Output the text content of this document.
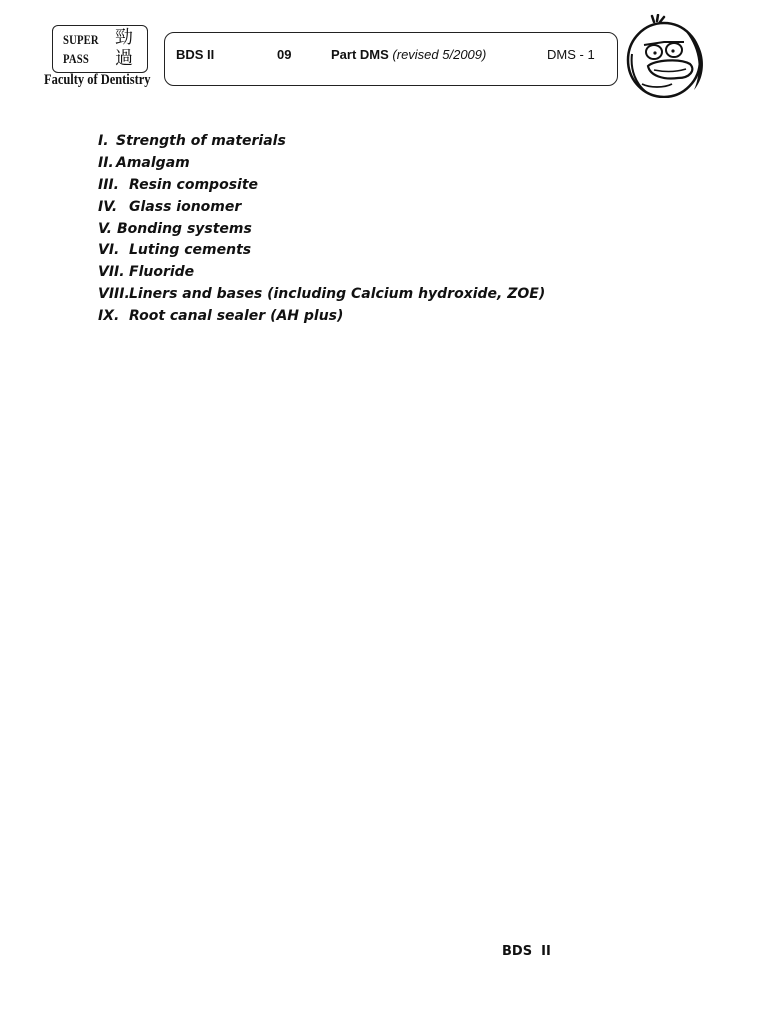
SUPER
PASS
勁
過
Faculty of Dentistry
BDS II	09	Part DMS (revised 5/2009)	DMS - 1
I. Strength of materials
II. Amalgam
III. Resin composite
IV. Glass ionomer
V. Bonding systems
VI. Luting cements
VII. Fluoride
VIII.Liners and bases (including Calcium hydroxide, ZOE)
IX. Root canal sealer (AH plus)
BDS  II
